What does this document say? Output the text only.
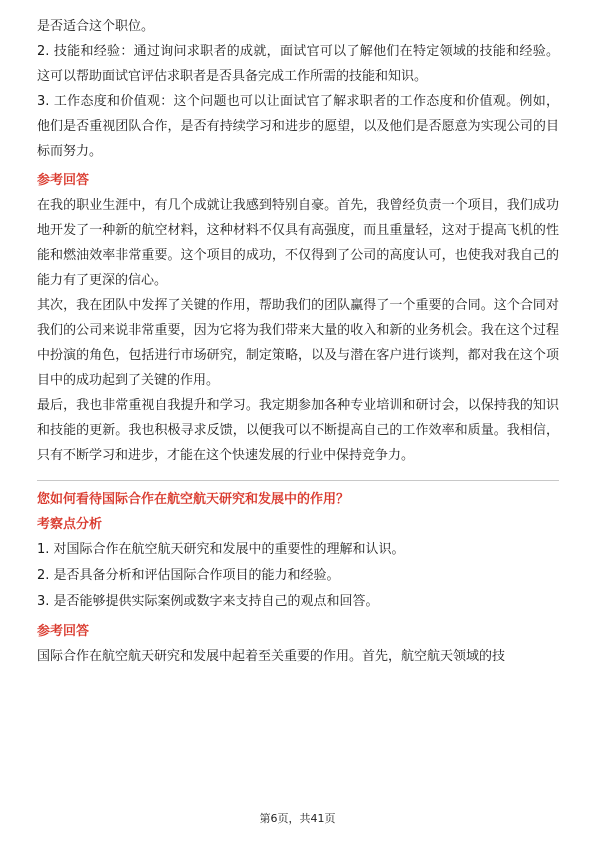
是否适合这个职位。

2. 技能和经验：通过询问求职者的成就，面试官可以了解他们在特定领域的技能和经验。这可以帮助面试官评估求职者是否具备完成工作所需的技能和知识。

3. 工作态度和价值观：这个问题也可以让面试官了解求职者的工作态度和价值观。例如，他们是否重视团队合作，是否有持续学习和进步的愿望，以及他们是否愿意为实现公司的目标而努力。

参考回答

在我的职业生涯中，有几个成就让我感到特别自豪。首先，我曾经负责一个项目，我们成功地开发了一种新的航空材料，这种材料不仅具有高强度，而且重量轻，这对于提高飞机的性能和燃油效率非常重要。这个项目的成功，不仅得到了公司的高度认可，也使我对我自己的能力有了更深的信心。

其次，我在团队中发挥了关键的作用，帮助我们的团队赢得了一个重要的合同。这个合同对我们的公司来说非常重要，因为它将为我们带来大量的收入和新的业务机会。我在这个过程中扮演的角色，包括进行市场研究，制定策略，以及与潜在客户进行谈判，都对我在这个项目中的成功起到了关键的作用。

最后，我也非常重视自我提升和学习。我定期参加各种专业培训和研讨会，以保持我的知识和技能的更新。我也积极寻求反馈，以便我可以不断提高自己的工作效率和质量。我相信，只有不断学习和进步，才能在这个快速发展的行业中保持竞争力。

您如何看待国际合作在航空航天研究和发展中的作用？
考察点分析

1. 对国际合作在航空航天研究和发展中的重要性的理解和认识。

2. 是否具备分析和评估国际合作项目的能力和经验。

3. 是否能够提供实际案例或数字来支持自己的观点和回答。

参考回答

国际合作在航空航天研究和发展中起着至关重要的作用。首先，航空航天领域的技

第6页，共41页
